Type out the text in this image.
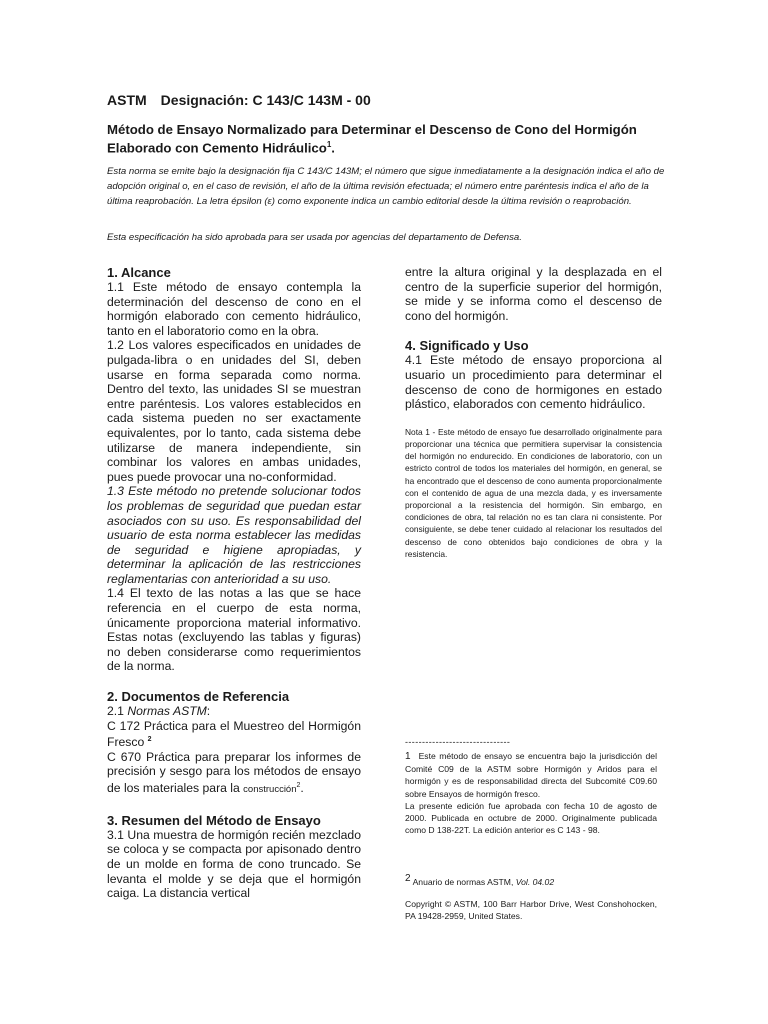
ASTM Designación: C 143/C 143M - 00
Método de Ensayo Normalizado para Determinar el Descenso de Cono del Hormigón Elaborado con Cemento Hidráulico$^1$.
Esta norma se emite bajo la designación fija C 143/C 143M; el número que sigue inmediatamente a la designación indica el año de adopción original o, en el caso de revisión, el año de la última revisión efectuada; el número entre paréntesis indica el año de la última reaprobación. La letra épsilon (ε) como exponente indica un cambio editorial desde la última revisión o reaprobación.
Esta especificación ha sido aprobada para ser usada por agencias del departamento de Defensa.
1. Alcance

1.1 Este método de ensayo contempla la determinación del descenso de cono en el hormigón elaborado con cemento hidráulico, tanto en el laboratorio como en la obra.

1.2 Los valores especificados en unidades de pulgada-libra o en unidades del SI, deben usarse en forma separada como norma. Dentro del texto, las unidades SI se muestran entre paréntesis. Los valores establecidos en cada sistema pueden no ser exactamente equivalentes, por lo tanto, cada sistema debe utilizarse de manera independiente, sin combinar los valores en ambas unidades, pues puede provocar una no-conformidad.

1.3 Este método no pretende solucionar todos los problemas de seguridad que puedan estar asociados con su uso. Es responsabilidad del usuario de esta norma establecer las medidas de seguridad e higiene apropiadas, y determinar la aplicación de las restricciones reglamentarias con anterioridad a su uso.

1.4 El texto de las notas a las que se hace referencia en el cuerpo de esta norma, únicamente proporciona material informativo. Estas notas (excluyendo las tablas y figuras) no deben considerarse como requerimientos de la norma.

2. Documentos de Referencia

2.1 Normas ASTM:

C 172 Práctica para el Muestreo del Hormigón Fresco $^2$

C 670 Práctica para preparar los informes de precisión y sesgo para los métodos de ensayo de los materiales para la construcción$^2$.

3. Resumen del Método de Ensayo

3.1 Una muestra de hormigón recién mezclado se coloca y se compacta por apisonado dentro de un molde en forma de cono truncado. Se levanta el molde y se deja que el hormigón caiga. La distancia vertical

entre la altura original y la desplazada en el centro de la superficie superior del hormigón, se mide y se informa como el descenso de cono del hormigón.

4. Significado y Uso

4.1 Este método de ensayo proporciona al usuario un procedimiento para determinar el descenso de cono de hormigones en estado plástico, elaborados con cemento hidráulico.

Nota 1 - Este método de ensayo fue desarrollado originalmente para proporcionar una técnica que permitiera supervisar la consistencia del hormigón no endurecido. En condiciones de laboratorio, con un estricto control de todos los materiales del hormigón, en general, se ha encontrado que el descenso de cono aumenta proporcionalmente con el contenido de agua de una mezcla dada, y es inversamente proporcional a la resistencia del hormigón. Sin embargo, en condiciones de obra, tal relación no es tan clara ni consistente. Por consiguiente, se debe tener cuidado al relacionar los resultados del descenso de cono obtenidos bajo condiciones de obra y la resistencia.

-------------------------------
1 Este método de ensayo se encuentra bajo la jurisdicción del Comité C09 de la ASTM sobre Hormigón y Aridos para el hormigón y es de responsabilidad directa del Subcomité C09.60 sobre Ensayos de hormigón fresco.
La presente edición fue aprobada con fecha 10 de agosto de 2000. Publicada en octubre de 2000. Originalmente publicada como D 138-22T. La edición anterior es C 143 - 98.
2 Anuario de normas ASTM, Vol. 04.02
Copyright © ASTM, 100 Barr Harbor Drive, West Conshohocken, PA 19428-2959, United States.
